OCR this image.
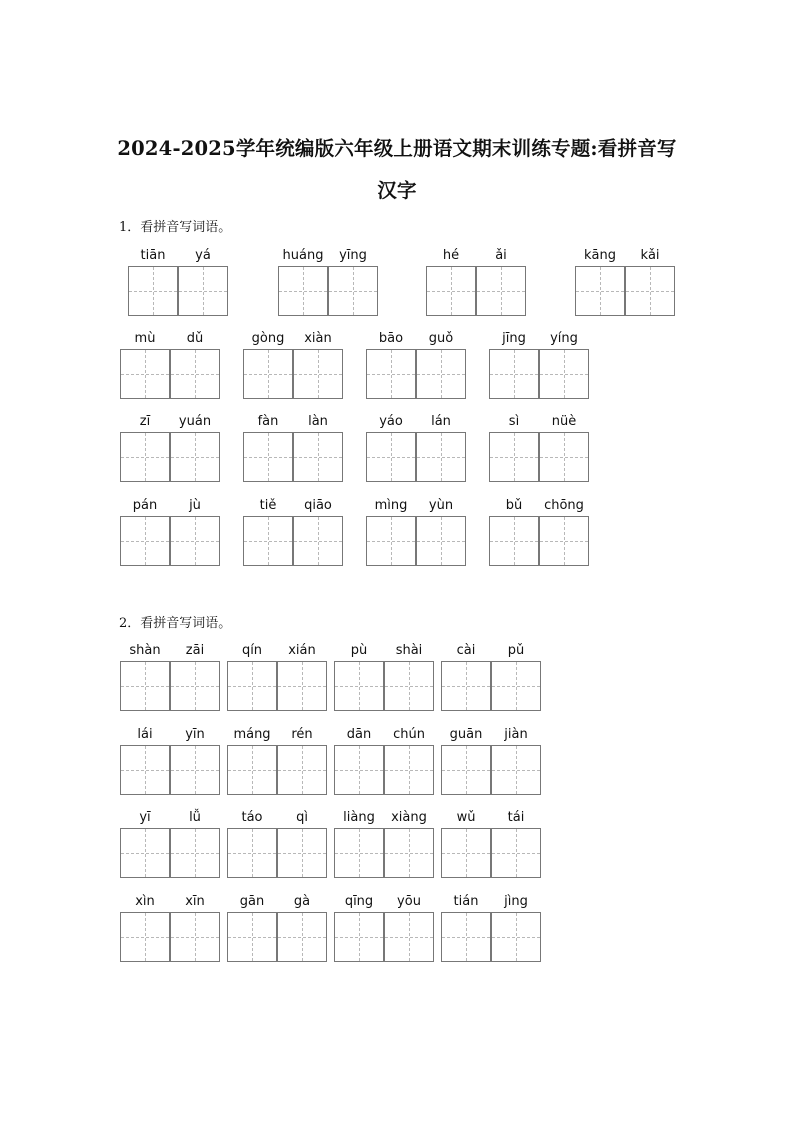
2024-2025学年统编版六年级上册语文期末训练专题:看拼音写
汉字
1．看拼音写词语。
tiān	yá	huáng	yīng	hé	ǎi	kāng	kǎi
mù	dǔ	gòng	xiàn	bāo	guǒ	jīng	yíng
zī	yuán	fàn	làn	yáo	lán	sì	nüè
pán	jù	tiě	qiāo	mìng	yùn	bǔ	chōng
2．看拼音写词语。
shàn	zāi	qín	xián	pù	shài	cài	pǔ
lái	yīn	máng	rén	dān	chún	guān	jiàn
yī	lǚ	táo	qì	liàng	xiàng	wǔ	tái
xìn	xīn	gān	gà	qīng	yōu	tián	jìng
